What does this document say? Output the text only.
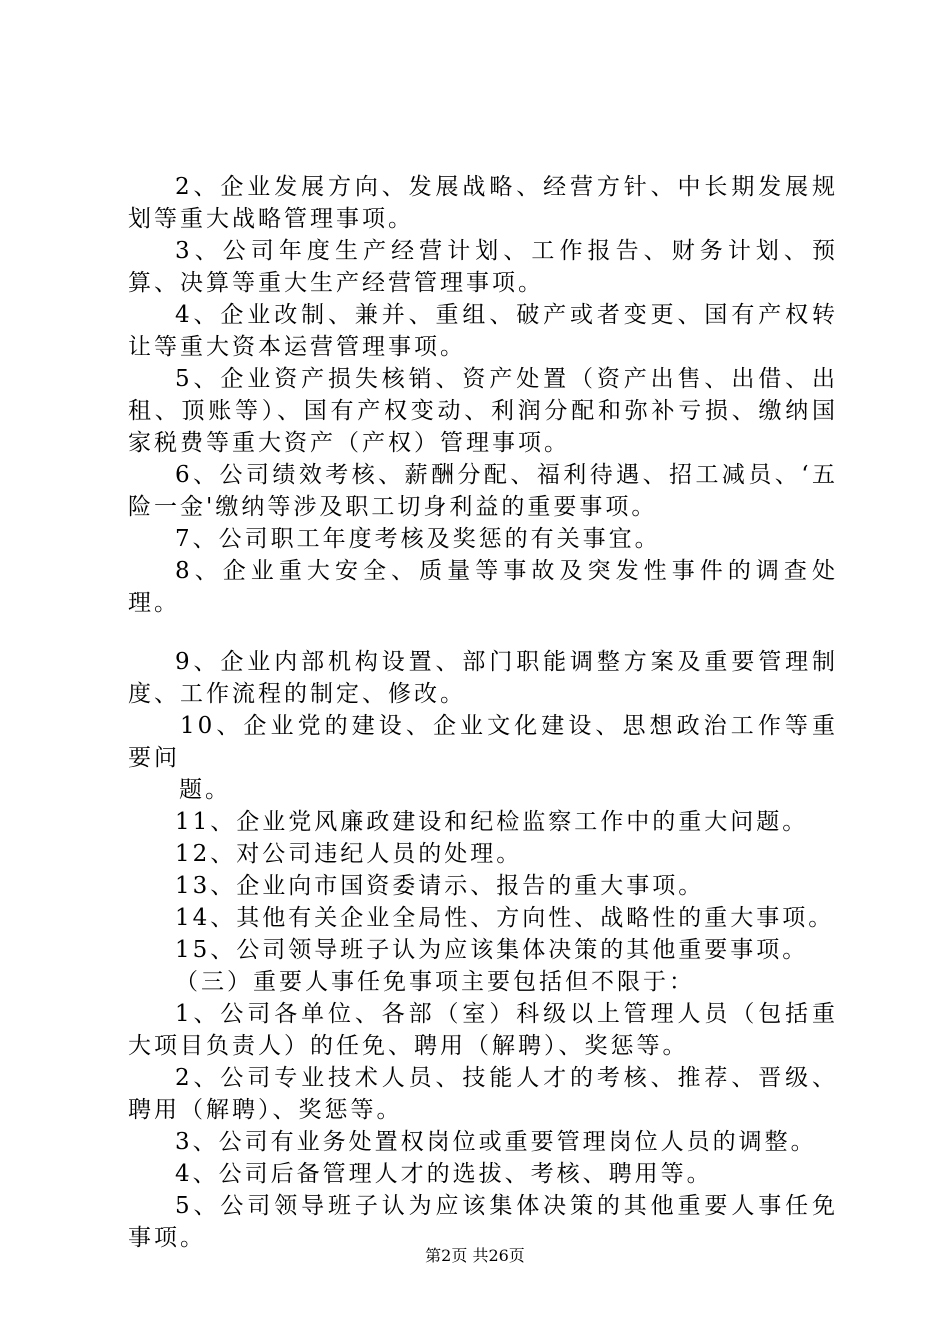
2、企业发展方向、发展战略、经营方针、中长期发展规划等重大战略管理事项。

3、公司年度生产经营计划、工作报告、财务计划、预算、决算等重大生产经营管理事项。

4、企业改制、兼并、重组、破产或者变更、国有产权转让等重大资本运营管理事项。

5、企业资产损失核销、资产处置（资产出售、出借、出租、顶账等）、国有产权变动、利润分配和弥补亏损、缴纳国家税费等重大资产（产权）管理事项。

6、公司绩效考核、薪酬分配、福利待遇、招工减员、‘五险一金'缴纳等涉及职工切身利益的重要事项。

7、公司职工年度考核及奖惩的有关事宜。

8、企业重大安全、质量等事故及突发性事件的调查处理。

9、企业内部机构设置、部门职能调整方案及重要管理制度、工作流程的制定、修改。

10、企业党的建设、企业文化建设、思想政治工作等重要问

题。

11、企业党风廉政建设和纪检监察工作中的重大问题。

12、对公司违纪人员的处理。

13、企业向市国资委请示、报告的重大事项。

14、其他有关企业全局性、方向性、战略性的重大事项。

15、公司领导班子认为应该集体决策的其他重要事项。

（三）重要人事任免事项主要包括但不限于：

1、公司各单位、各部（室）科级以上管理人员（包括重大项目负责人）的任免、聘用（解聘）、奖惩等。

2、公司专业技术人员、技能人才的考核、推荐、晋级、聘用（解聘）、奖惩等。

3、公司有业务处置权岗位或重要管理岗位人员的调整。

4、公司后备管理人才的选拔、考核、聘用等。

5、公司领导班子认为应该集体决策的其他重要人事任免事项。

第2页 共26页
